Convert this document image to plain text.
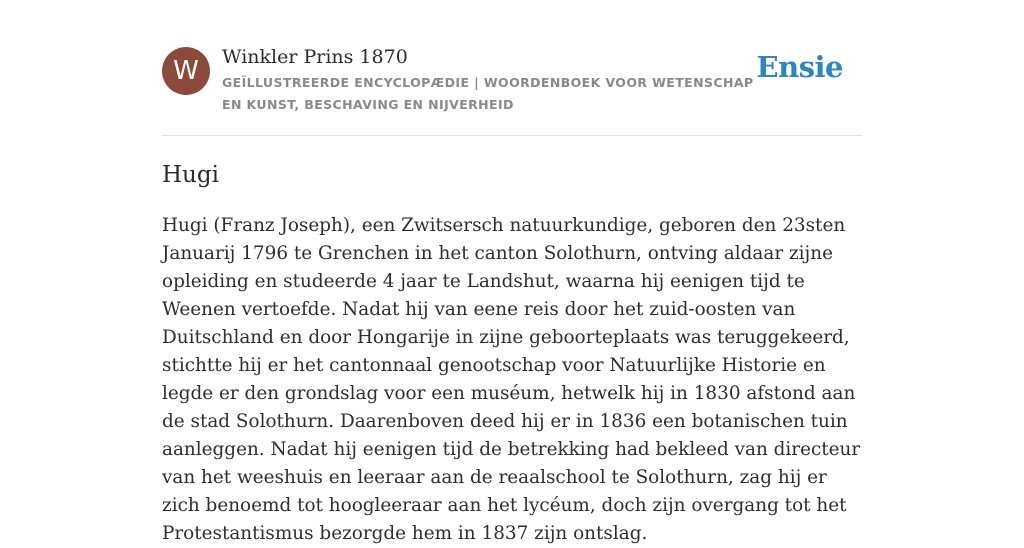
W	Winkler Prins 1870
GEÏLLUSTREERDE ENCYCLOPÆDIE | WOORDENBOEK VOOR WETENSCHAP EN KUNST, BESCHAVING EN NIJVERHEID
Ensie
Hugi

Hugi (Franz Joseph), een Zwitsersch natuurkundige, geboren den 23sten Januarij 1796 te Grenchen in het canton Solothurn, ontving aldaar zijne opleiding en studeerde 4 jaar te Landshut, waarna hij eenigen tijd te Weenen vertoefde. Nadat hij van eene reis door het zuid-oosten van Duitschland en door Hongarije in zijne geboorteplaats was teruggekeerd, stichtte hij er het cantonnaal genootschap voor Natuurlijke Historie en legde er den grondslag voor een muséum, hetwelk hij in 1830 afstond aan de stad Solothurn. Daarenboven deed hij er in 1836 een botanischen tuin aanleggen. Nadat hij eenigen tijd de betrekking had bekleed van directeur van het weeshuis en leeraar aan de reaalschool te Solothurn, zag hij er zich benoemd tot hoogleeraar aan het lycéum, doch zijn overgang tot het Protestantismus bezorgde hem in 1837 zijn ontslag.
